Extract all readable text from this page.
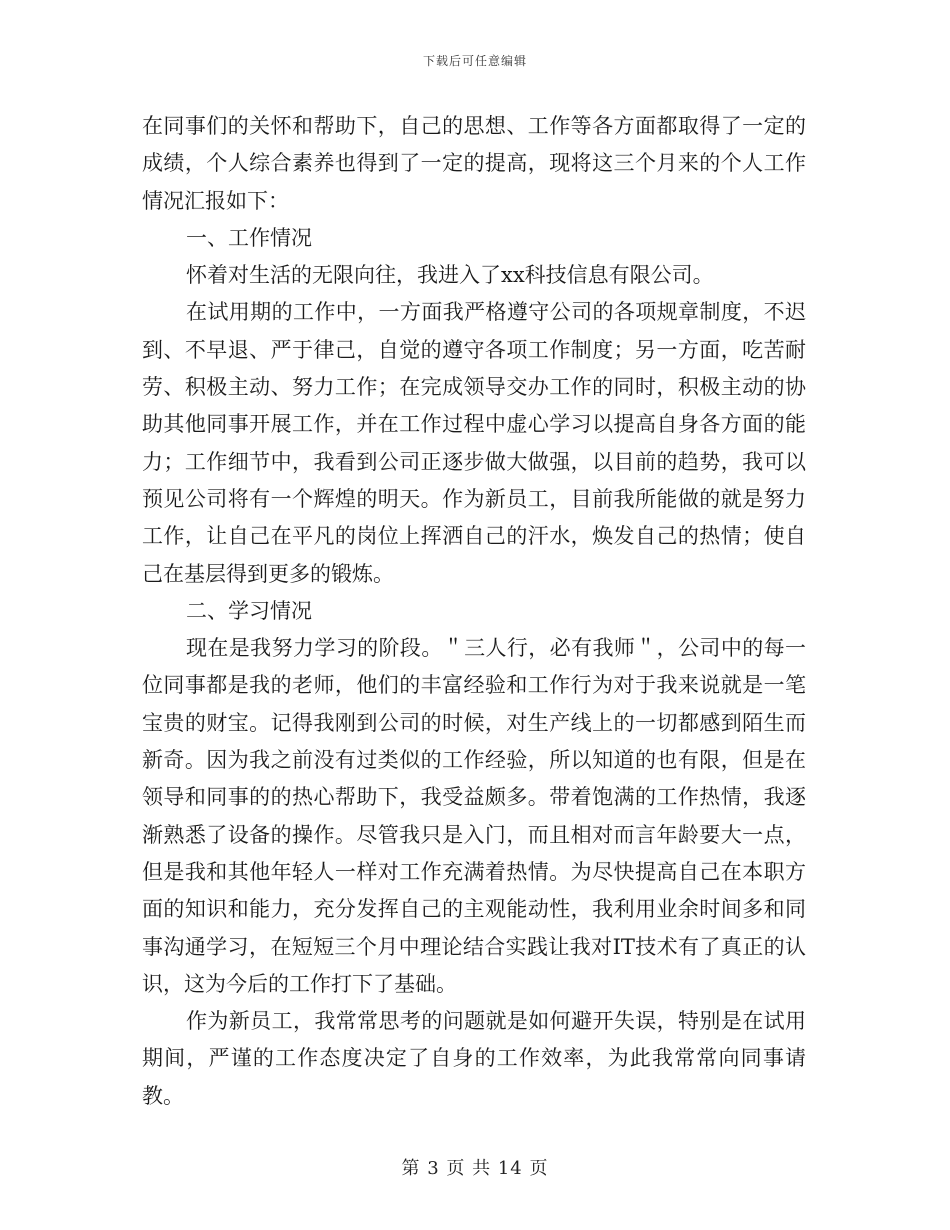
下载后可任意编辑

在同事们的关怀和帮助下，自己的思想、工作等各方面都取得了一定的成绩，个人综合素养也得到了一定的提高，现将这三个月来的个人工作情况汇报如下：

一、工作情况

怀着对生活的无限向往，我进入了xx科技信息有限公司。

在试用期的工作中，一方面我严格遵守公司的各项规章制度，不迟到、不早退、严于律己，自觉的遵守各项工作制度；另一方面，吃苦耐劳、积极主动、努力工作；在完成领导交办工作的同时，积极主动的协助其他同事开展工作，并在工作过程中虚心学习以提高自身各方面的能力；工作细节中，我看到公司正逐步做大做强，以目前的趋势，我可以预见公司将有一个辉煌的明天。作为新员工，目前我所能做的就是努力工作，让自己在平凡的岗位上挥洒自己的汗水，焕发自己的热情；使自己在基层得到更多的锻炼。

二、学习情况

现在是我努力学习的阶段。＂三人行，必有我师＂，公司中的每一位同事都是我的老师，他们的丰富经验和工作行为对于我来说就是一笔宝贵的财宝。记得我刚到公司的时候，对生产线上的一切都感到陌生而新奇。因为我之前没有过类似的工作经验，所以知道的也有限，但是在领导和同事的的热心帮助下，我受益颇多。带着饱满的工作热情，我逐渐熟悉了设备的操作。尽管我只是入门，而且相对而言年龄要大一点，但是我和其他年轻人一样对工作充满着热情。为尽快提高自己在本职方面的知识和能力，充分发挥自己的主观能动性，我利用业余时间多和同事沟通学习，在短短三个月中理论结合实践让我对IT技术有了真正的认识，这为今后的工作打下了基础。

作为新员工，我常常思考的问题就是如何避开失误，特别是在试用期间，严谨的工作态度决定了自身的工作效率，为此我常常向同事请教。

第 3 页 共 14 页
